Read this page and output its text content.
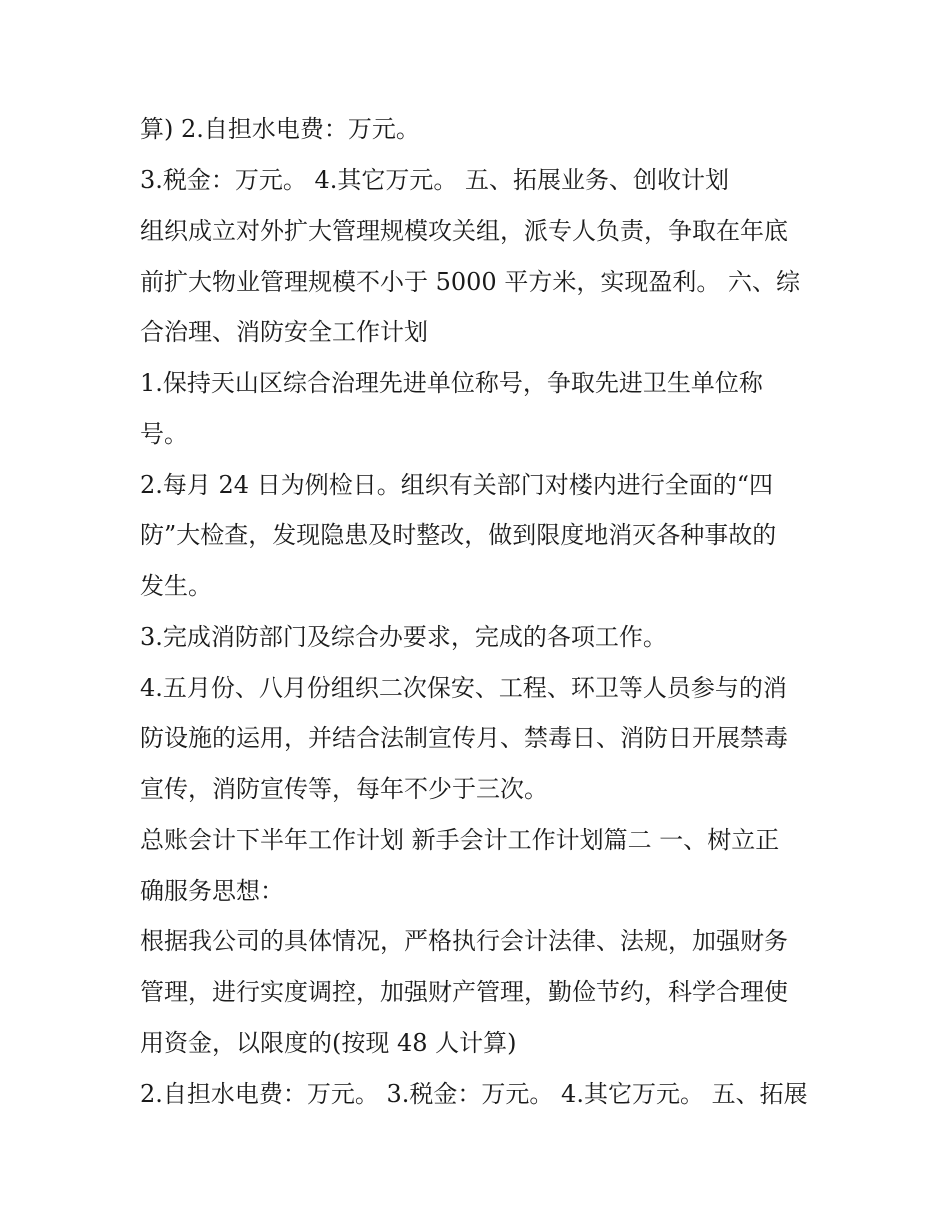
算) 2.自担水电费：万元。
3.税金：万元。 4.其它万元。 五、拓展业务、创收计划
组织成立对外扩大管理规模攻关组，派专人负责，争取在年底
前扩大物业管理规模不小于 5000 平方米，实现盈利。 六、综
合治理、消防安全工作计划
1.保持天山区综合治理先进单位称号，争取先进卫生单位称
号。
2.每月 24 日为例检日。组织有关部门对楼内进行全面的“四
防”大检查，发现隐患及时整改，做到限度地消灭各种事故的
发生。
3.完成消防部门及综合办要求，完成的各项工作。
4.五月份、八月份组织二次保安、工程、环卫等人员参与的消
防设施的运用，并结合法制宣传月、禁毒日、消防日开展禁毒
宣传，消防宣传等，每年不少于三次。
总账会计下半年工作计划 新手会计工作计划篇二 一、树立正
确服务思想：
根据我公司的具体情况，严格执行会计法律、法规，加强财务
管理，进行实度调控，加强财产管理，勤俭节约，科学合理使
用资金，以限度的(按现 48 人计算)
2.自担水电费：万元。 3.税金：万元。 4.其它万元。 五、拓展
